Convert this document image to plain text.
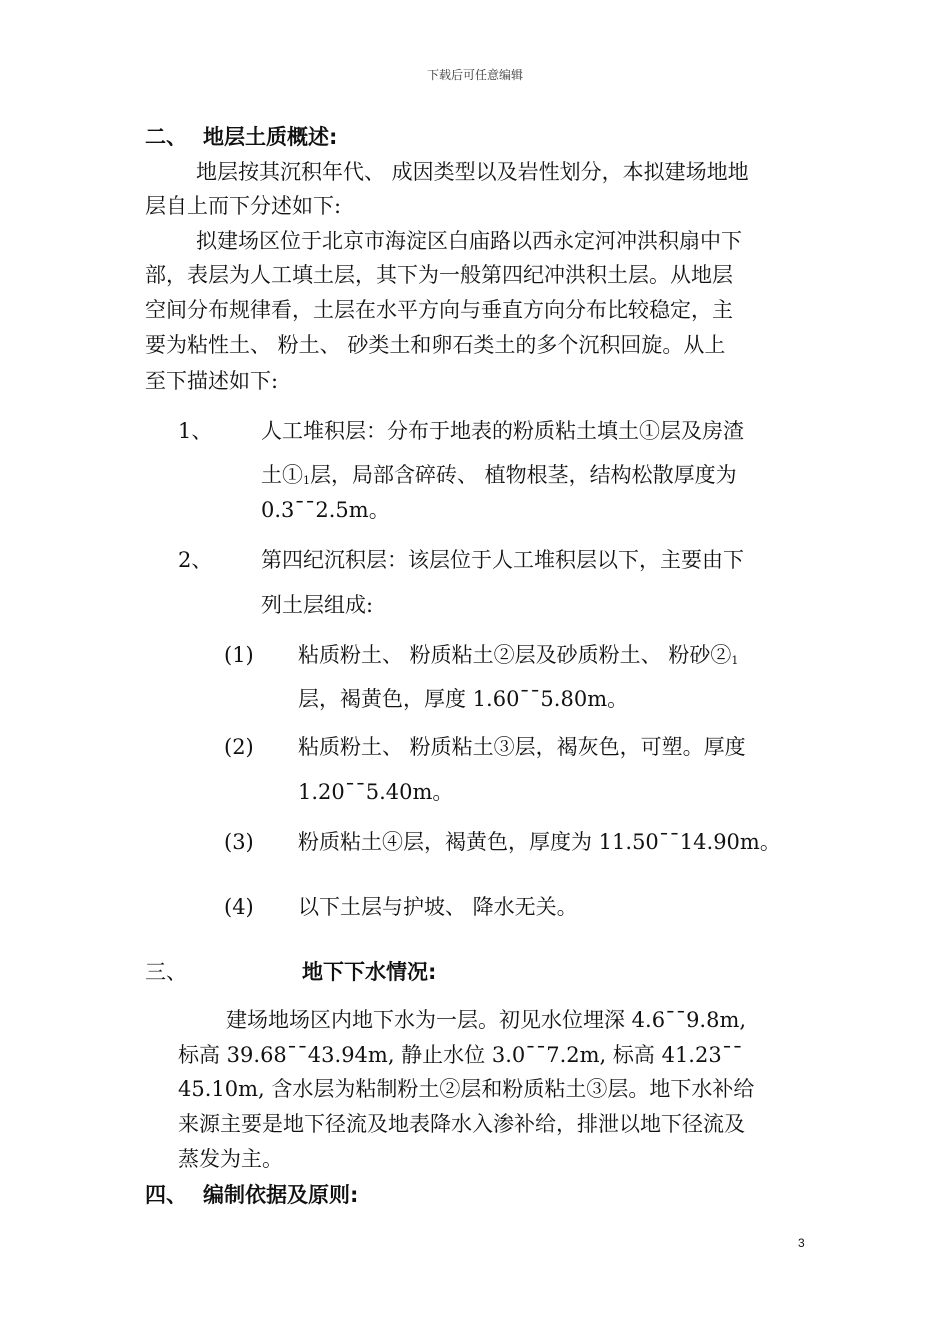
下载后可任意编辑
二、 地层土质概述:
地层按其沉积年代、 成因类型以及岩性划分，本拟建场地地
层自上而下分述如下:
拟建场区位于北京市海淀区白庙路以西永定河冲洪积扇中下
部，表层为人工填土层，其下为一般第四纪冲洪积土层。从地层
空间分布规律看，土层在水平方向与垂直方向分布比较稳定，主
要为粘性土、 粉土、 砂类土和卵石类土的多个沉积回旋。从上
至下描述如下:
1、 人工堆积层：分布于地表的粉质粘土填土①层及房渣
土$①_1$层，局部含碎砖、 植物根茎，结构松散厚度为
0.3¯¯2.5m。
2、 第四纪沉积层：该层位于人工堆积层以下，主要由下
列土层组成:
(1) 粘质粉土、 粉质粘土②层及砂质粉土、 粉砂$②_1$
层，褐黄色，厚度 1.60¯¯5.80m。
(2) 粘质粉土、 粉质粘土③层，褐灰色，可塑。厚度
1.20¯¯5.40m。
(3) 粉质粘土④层，褐黄色，厚度为 11.50¯¯14.90m。
(4) 以下土层与护坡、 降水无关。
三、	地下下水情况:
建场地场区内地下水为一层。初见水位埋深 4.6¯¯9.8m,
标高 39.68¯¯43.94m, 静止水位 3.0¯¯7.2m, 标高 41.23¯¯
45.10m, 含水层为粘制粉土②层和粉质粘土③层。地下水补给
来源主要是地下径流及地表降水入渗补给，排泄以地下径流及
蒸发为主。
四、 编制依据及原则:
3
